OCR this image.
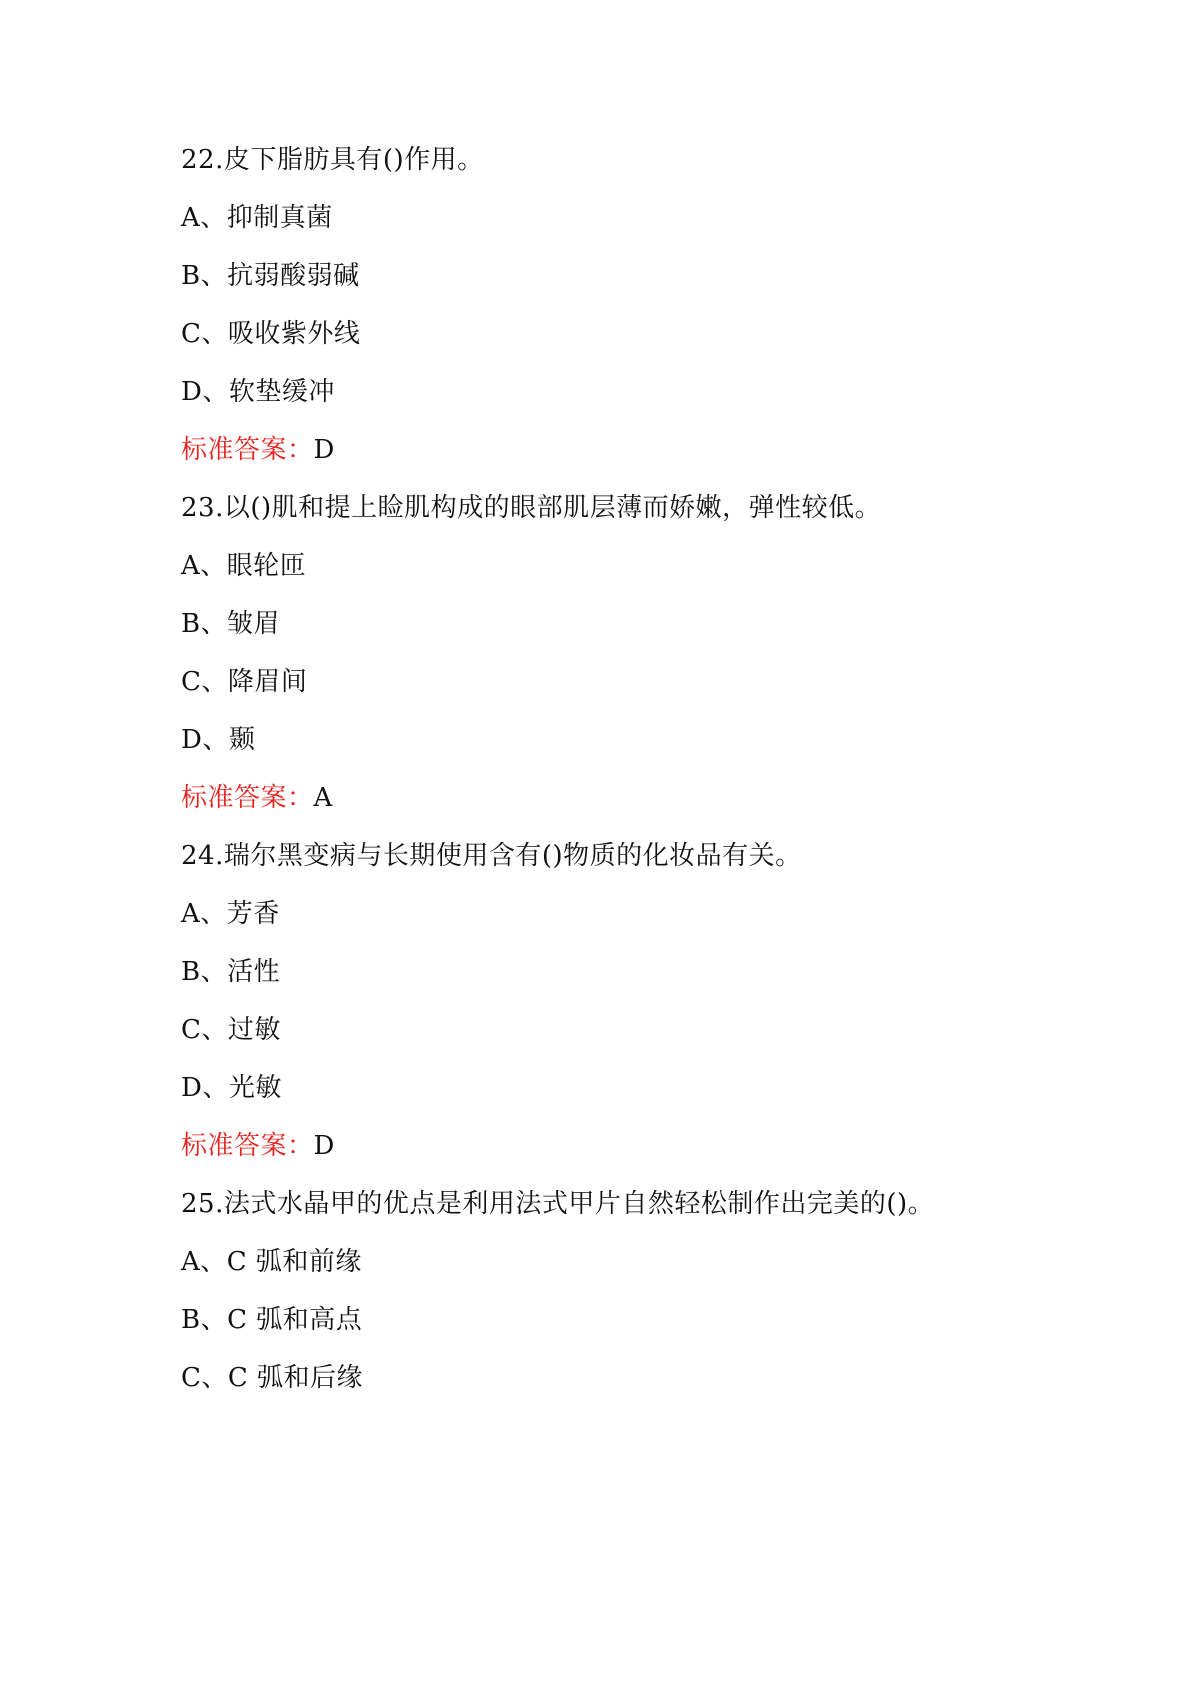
22.皮下脂肪具有()作用。
A、抑制真菌
B、抗弱酸弱碱
C、吸收紫外线
D、软垫缓冲
标准答案：D
23.以()肌和提上睑肌构成的眼部肌层薄而娇嫩，弹性较低。
A、眼轮匝
B、皱眉
C、降眉间
D、颞
标准答案：A
24.瑞尔黑变病与长期使用含有()物质的化妆品有关。
A、芳香
B、活性
C、过敏
D、光敏
标准答案：D
25.法式水晶甲的优点是利用法式甲片自然轻松制作出完美的()。
A、C 弧和前缘
B、C 弧和高点
C、C 弧和后缘
